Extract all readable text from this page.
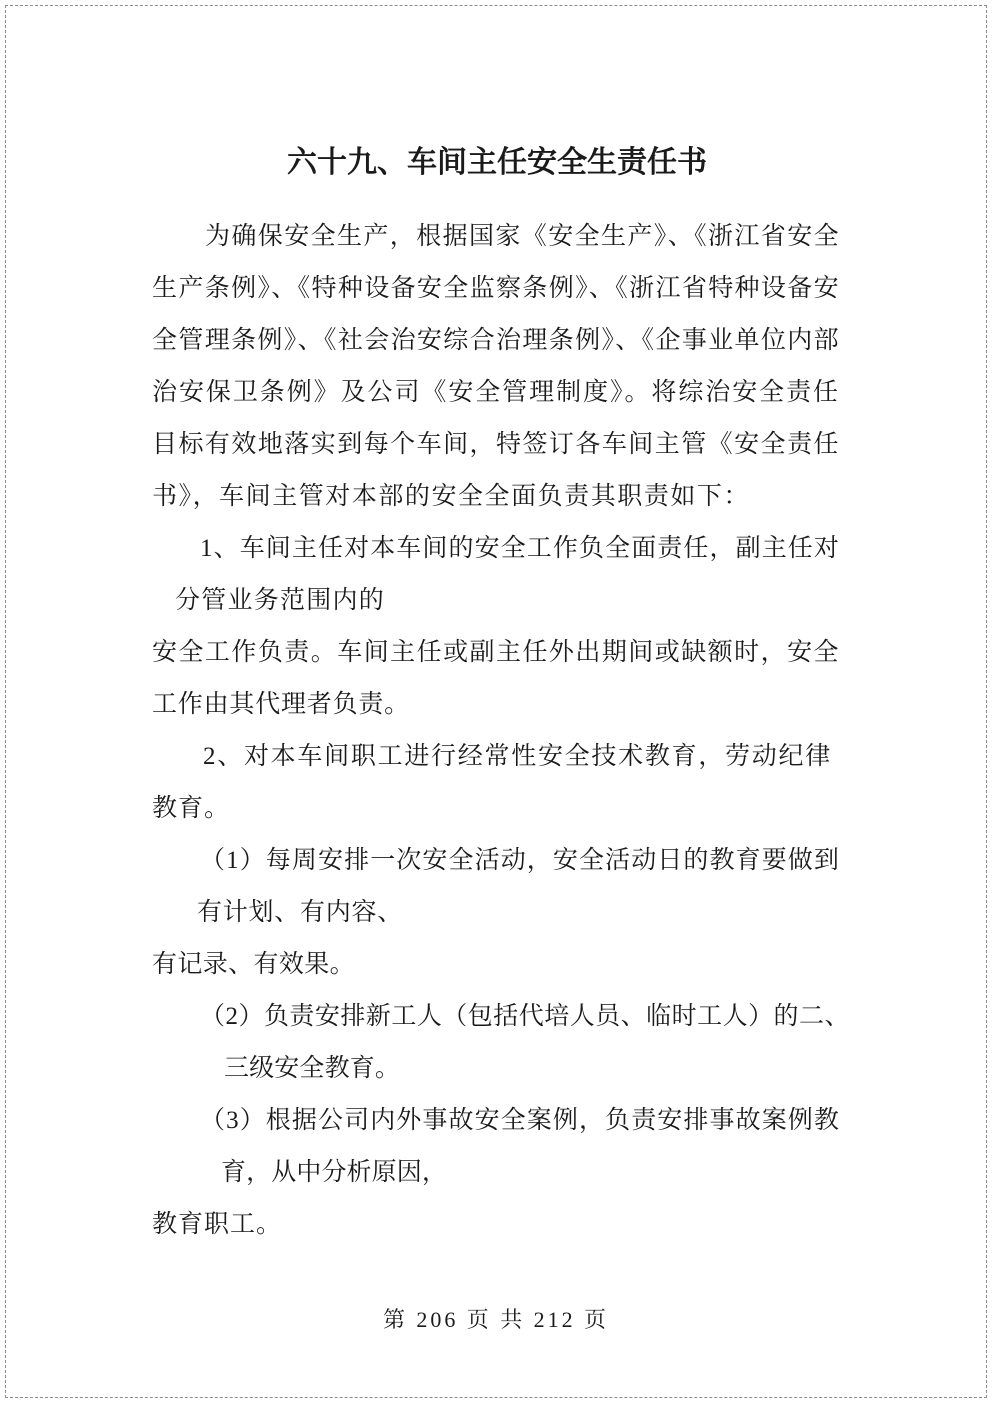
六十九、车间主任安全生责任书
为确保安全生产，根据国家《安全生产》、《浙江省安全
生产条例》、《特种设备安全监察条例》、《浙江省特种设备安
全管理条例》、《社会治安综合治理条例》、《企事业单位内部
治安保卫条例》及公司《安全管理制度》。将综治安全责任
目标有效地落实到每个车间，特签订各车间主管《安全责任
书》，车间主管对本部的安全全面负责其职责如下：
1、车间主任对本车间的安全工作负全面责任，副主任对
分管业务范围内的
安全工作负责。车间主任或副主任外出期间或缺额时，安全
工作由其代理者负责。
2、对本车间职工进行经常性安全技术教育，劳动纪律
教育。
（1）每周安排一次安全活动，安全活动日的教育要做到
有计划、有内容、
有记录、有效果。
（2）负责安排新工人（包括代培人员、临时工人）的二、
三级安全教育。
（3）根据公司内外事故安全案例，负责安排事故案例教
育，从中分析原因，
教育职工。
第 206 页 共 212 页
